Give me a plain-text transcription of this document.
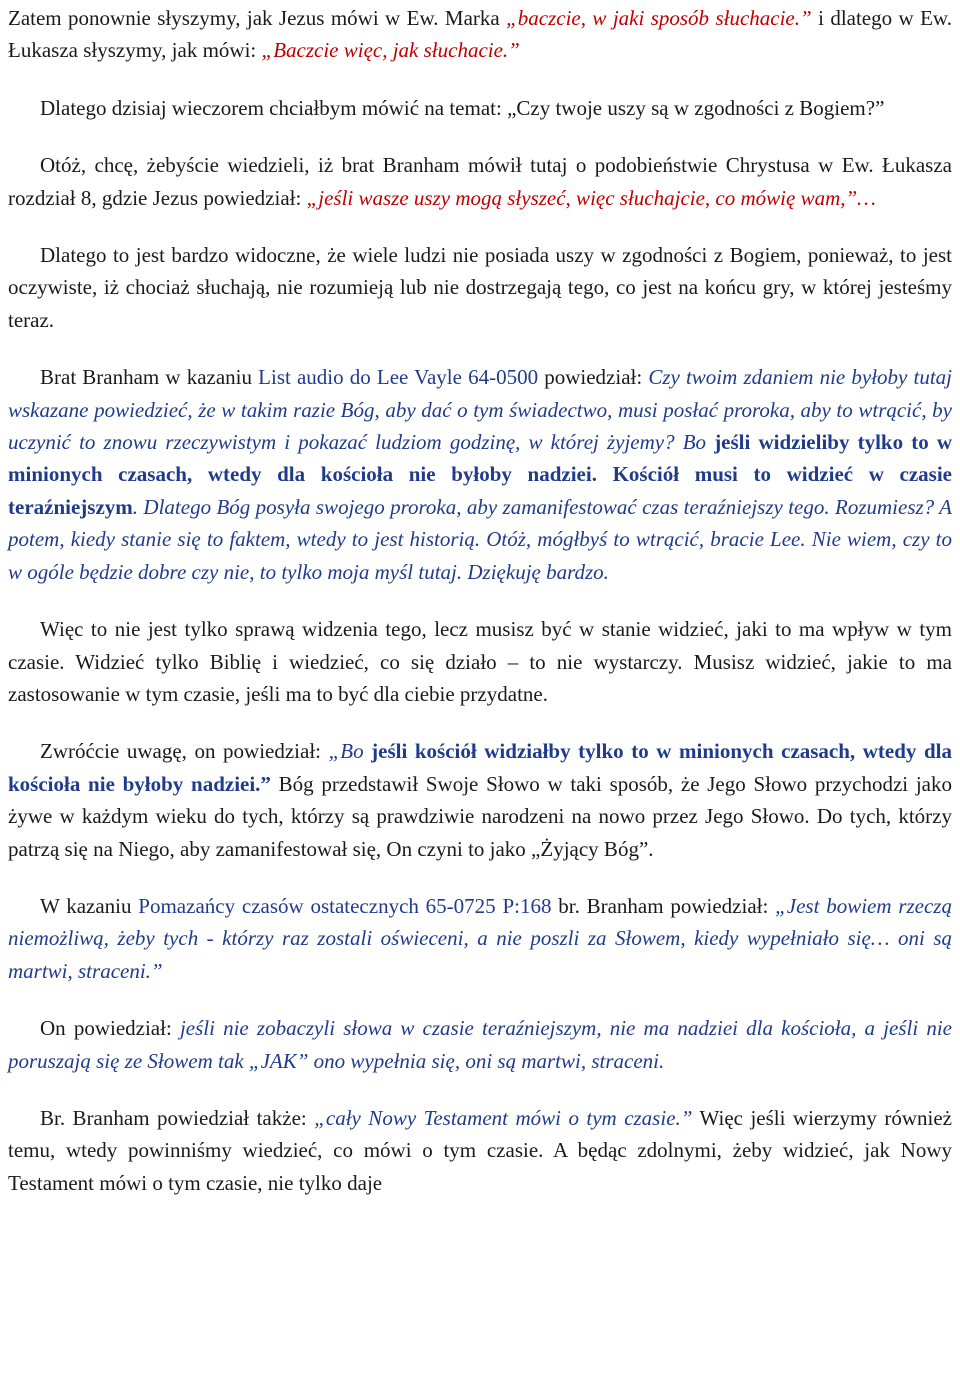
Zatem ponownie słyszymy, jak Jezus mówi w Ew. Marka „baczcie, w jaki sposób słuchacie.” i dlatego w Ew. Łukasza słyszymy, jak mówi: „Baczcie więc, jak słuchacie.”

Dlatego dzisiaj wieczorem chciałbym mówić na temat: „Czy twoje uszy są w zgodności z Bogiem?”

Otóż, chcę, żebyście wiedzieli, iż brat Branham mówił tutaj o podobieństwie Chrystusa w Ew. Łukasza rozdział 8, gdzie Jezus powiedział: „jeśli wasze uszy mogą słyszeć, więc słuchajcie, co mówię wam,”…

Dlatego to jest bardzo widoczne, że wiele ludzi nie posiada uszy w zgodności z Bogiem, ponieważ, to jest oczywiste, iż chociaż słuchają, nie rozumieją lub nie dostrzegają tego, co jest na końcu gry, w której jesteśmy teraz.

Brat Branham w kazaniu List audio do Lee Vayle 64-0500 powiedział: Czy twoim zdaniem nie byłoby tutaj wskazane powiedzieć, że w takim razie Bóg, aby dać o tym świadectwo, musi posłać proroka, aby to wtrącić, by uczynić to znowu rzeczywistym i pokazać ludziom godzinę, w której żyjemy? Bo jeśli widzieliby tylko to w minionych czasach, wtedy dla kościoła nie byłoby nadziei. Kościół musi to widzieć w czasie teraźniejszym. Dlatego Bóg posyła swojego proroka, aby zamanifestować czas teraźniejszy tego. Rozumiesz? A potem, kiedy stanie się to faktem, wtedy to jest historią. Otóż, mógłbyś to wtrącić, bracie Lee. Nie wiem, czy to w ogóle będzie dobre czy nie, to tylko moja myśl tutaj. Dziękuję bardzo.

Więc to nie jest tylko sprawą widzenia tego, lecz musisz być w stanie widzieć, jaki to ma wpływ w tym czasie. Widzieć tylko Biblię i wiedzieć, co się działo – to nie wystarczy. Musisz widzieć, jakie to ma zastosowanie w tym czasie, jeśli ma to być dla ciebie przydatne.

Zwróćcie uwagę, on powiedział: „Bo jeśli kościół widziałby tylko to w minionych czasach, wtedy dla kościoła nie byłoby nadziei.” Bóg przedstawił Swoje Słowo w taki sposób, że Jego Słowo przychodzi jako żywe w każdym wieku do tych, którzy są prawdziwie narodzeni na nowo przez Jego Słowo. Do tych, którzy patrzą się na Niego, aby zamanifestował się, On czyni to jako „Żyjący Bóg”.

W kazaniu Pomazańcy czasów ostatecznych 65-0725 P:168 br. Branham powiedział: „Jest bowiem rzeczą niemożliwą, żeby tych - którzy raz zostali oświeceni, a nie poszli za Słowem, kiedy wypełniało się… oni są martwi, straceni.”

On powiedział: jeśli nie zobaczyli słowa w czasie teraźniejszym, nie ma nadziei dla kościoła, a jeśli nie poruszają się ze Słowem tak „JAK” ono wypełnia się, oni są martwi, straceni.

Br. Branham powiedział także: „cały Nowy Testament mówi o tym czasie.” Więc jeśli wierzymy również temu, wtedy powinniśmy wiedzieć, co mówi o tym czasie. A będąc zdolnymi, żeby widzieć, jak Nowy Testament mówi o tym czasie, nie tylko daje
